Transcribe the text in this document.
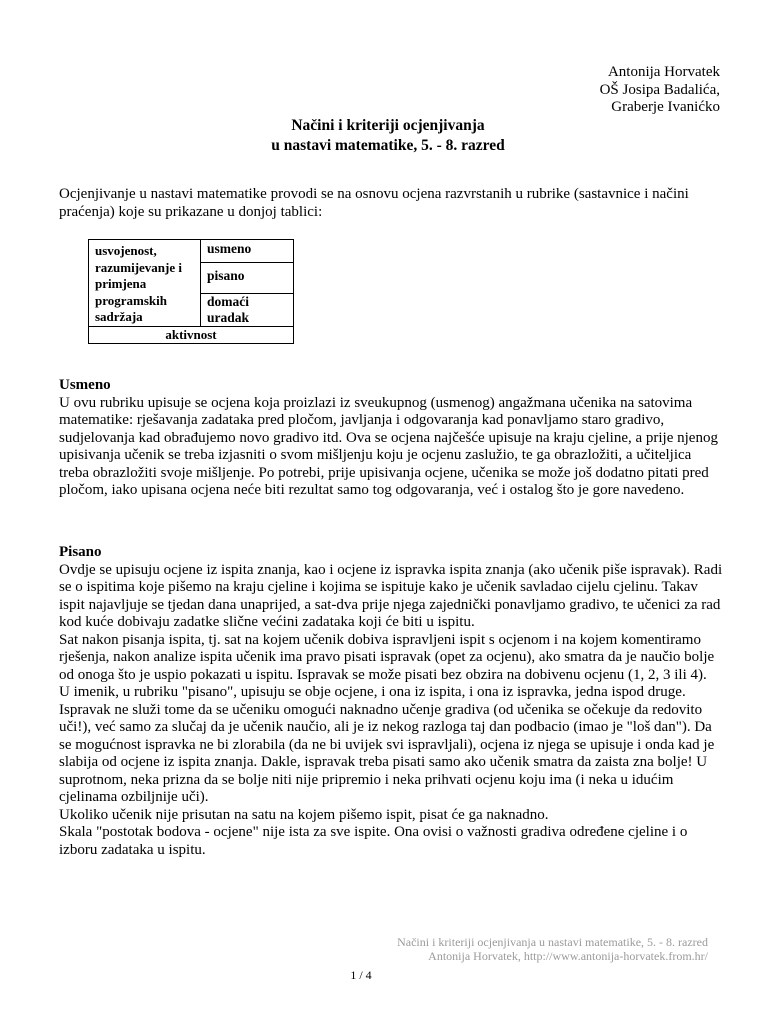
Antonija Horvatek
OŠ Josipa Badalića,
Graberje Ivanićko
Načini i kriteriji ocjenjivanja
u nastavi matematike, 5. - 8. razred
Ocjenjivanje u nastavi matematike provodi se na osnovu ocjena razvrstanih u rubrike (sastavnice i načini praćenja) koje su prikazane u donjoj tablici:
usvojenost, razumijevanje i primjena programskih sadržaja	usmeno
pisano
domaći uradak
aktivnost
Usmeno

U ovu rubriku upisuje se ocjena koja proizlazi iz sveukupnog (usmenog) angažmana učenika na satovima matematike: rješavanja zadataka pred pločom, javljanja i odgovaranja kad ponavljamo staro gradivo, sudjelovanja kad obrađujemo novo gradivo itd. Ova se ocjena najčešće upisuje na kraju cjeline, a prije njenog upisivanja učenik se treba izjasniti o svom mišljenju koju je ocjenu zaslužio, te ga obrazložiti, a učiteljica treba obrazložiti svoje mišljenje. Po potrebi, prije upisivanja ocjene, učenika se može još dodatno pitati pred pločom, iako upisana ocjena neće biti rezultat samo tog odgovaranja, već i ostalog što je gore navedeno.

Pisano

Ovdje se upisuju ocjene iz ispita znanja, kao i ocjene iz ispravka ispita znanja (ako učenik piše ispravak). Radi se o ispitima koje pišemo na kraju cjeline i kojima se ispituje kako je učenik savladao cijelu cjelinu. Takav ispit najavljuje se tjedan dana unaprijed, a sat-dva prije njega zajednički ponavljamo gradivo, te učenici za rad kod kuće dobivaju zadatke slične većini zadataka koji će biti u ispitu.

Sat nakon pisanja ispita, tj. sat na kojem učenik dobiva ispravljeni ispit s ocjenom i na kojem komentiramo rješenja, nakon analize ispita učenik ima pravo pisati ispravak (opet za ocjenu), ako smatra da je naučio bolje od onoga što je uspio pokazati u ispitu. Ispravak se može pisati bez obzira na dobivenu ocjenu (1, 2, 3 ili 4).

U imenik, u rubriku "pisano", upisuju se obje ocjene, i ona iz ispita, i ona iz ispravka, jedna ispod druge. Ispravak ne služi tome da se učeniku omogući naknadno učenje gradiva (od učenika se očekuje da redovito uči!), već samo za slučaj da je učenik naučio, ali je iz nekog razloga taj dan podbacio (imao je "loš dan"). Da se mogućnost ispravka ne bi zlorabila (da ne bi uvijek svi ispravljali), ocjena iz njega se upisuje i onda kad je slabija od ocjene iz ispita znanja. Dakle, ispravak treba pisati samo ako učenik smatra da zaista zna bolje! U suprotnom, neka prizna da se bolje niti nije pripremio i neka prihvati ocjenu koju ima (i neka u idućim cjelinama ozbiljnije uči).

Ukoliko učenik nije prisutan na satu na kojem pišemo ispit, pisat će ga naknadno.

Skala "postotak bodova - ocjene" nije ista za sve ispite. Ona ovisi o važnosti gradiva određene cjeline i o izboru zadataka u ispitu.

Načini i kriteriji ocjenjivanja u nastavi matematike, 5. - 8. razred
Antonija Horvatek, http://www.antonija-horvatek.from.hr/
1 / 4
